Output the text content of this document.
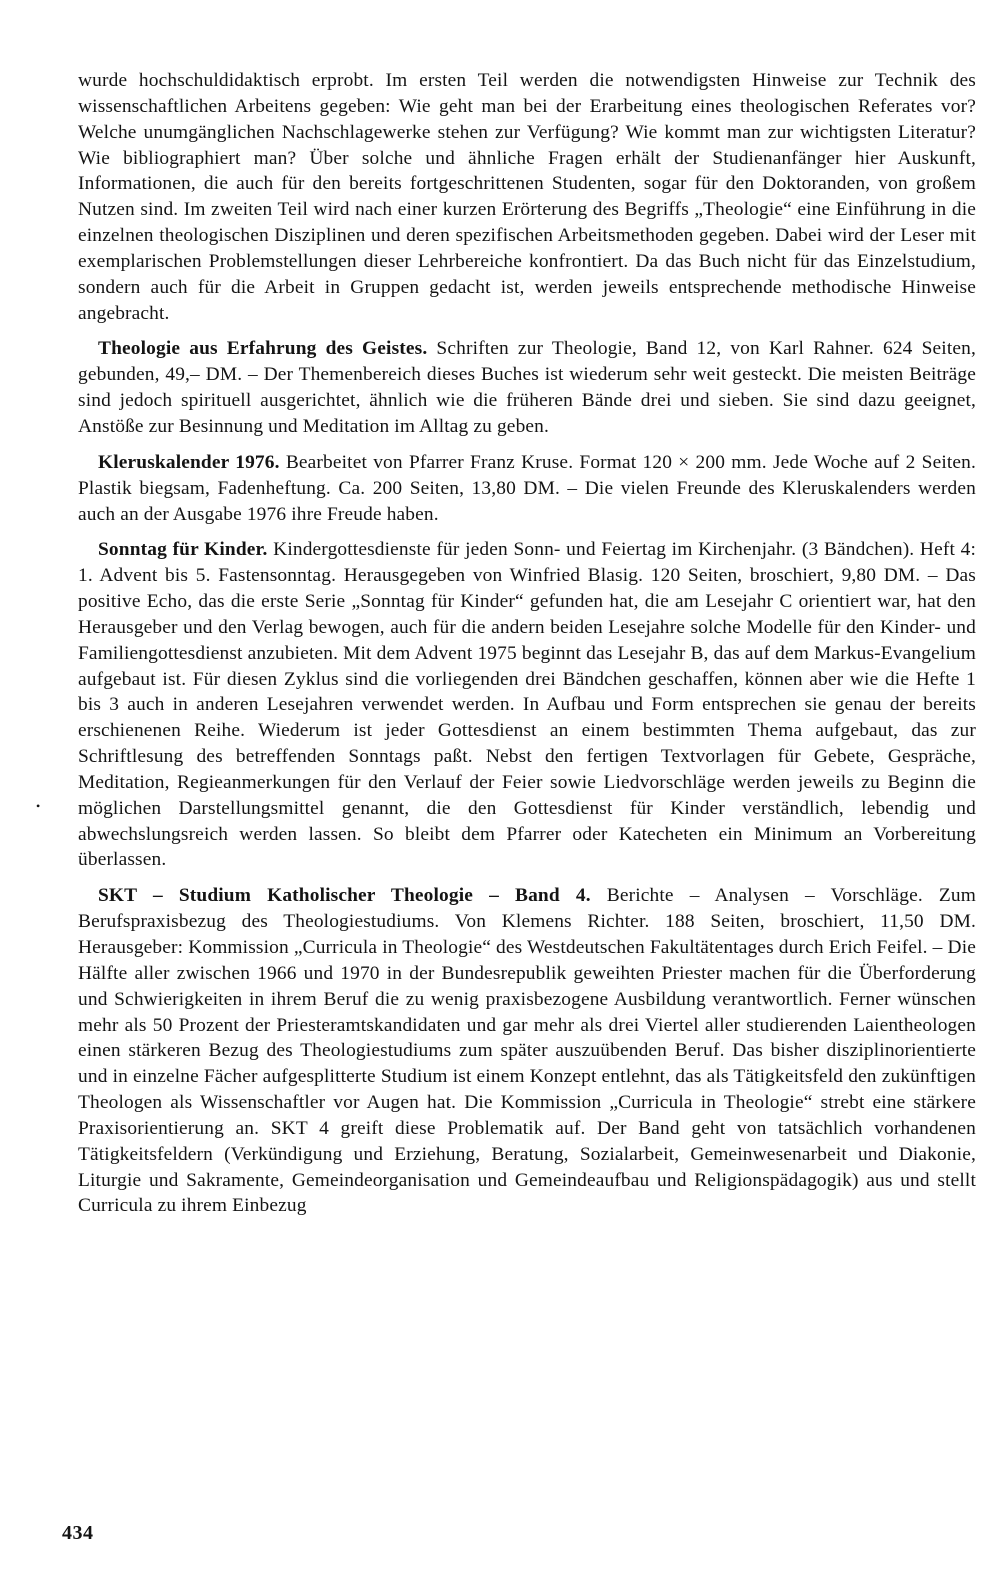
wurde hochschuldidaktisch erprobt. Im ersten Teil werden die notwendigsten Hinweise zur Technik des wissenschaftlichen Arbeitens gegeben: Wie geht man bei der Erarbeitung eines theologischen Referates vor? Welche unumgänglichen Nachschlagewerke stehen zur Verfügung? Wie kommt man zur wichtigsten Literatur? Wie bibliographiert man? Über solche und ähnliche Fragen erhält der Studienanfänger hier Auskunft, Informationen, die auch für den bereits fortgeschrittenen Studenten, sogar für den Doktoranden, von großem Nutzen sind. Im zweiten Teil wird nach einer kurzen Erörterung des Begriffs „Theologie“ eine Einführung in die einzelnen theologischen Disziplinen und deren spezifischen Arbeitsmethoden gegeben. Dabei wird der Leser mit exemplarischen Problemstellungen dieser Lehrbereiche konfrontiert. Da das Buch nicht für das Einzelstudium, sondern auch für die Arbeit in Gruppen gedacht ist, werden jeweils entsprechende methodische Hinweise angebracht.

Theologie aus Erfahrung des Geistes. Schriften zur Theologie, Band 12, von Karl Rahner. 624 Seiten, gebunden, 49,– DM. – Der Themenbereich dieses Buches ist wiederum sehr weit gesteckt. Die meisten Beiträge sind jedoch spirituell ausgerichtet, ähnlich wie die früheren Bände drei und sieben. Sie sind dazu geeignet, Anstöße zur Besinnung und Meditation im Alltag zu geben.

Kleruskalender 1976. Bearbeitet von Pfarrer Franz Kruse. Format 120 × 200 mm. Jede Woche auf 2 Seiten. Plastik biegsam, Fadenheftung. Ca. 200 Seiten, 13,80 DM. – Die vielen Freunde des Kleruskalenders werden auch an der Ausgabe 1976 ihre Freude haben.

Sonntag für Kinder. Kindergottesdienste für jeden Sonn- und Feiertag im Kirchenjahr. (3 Bändchen). Heft 4: 1. Advent bis 5. Fastensonntag. Herausgegeben von Winfried Blasig. 120 Seiten, broschiert, 9,80 DM. – Das positive Echo, das die erste Serie „Sonntag für Kinder“ gefunden hat, die am Lesejahr C orientiert war, hat den Herausgeber und den Verlag bewogen, auch für die andern beiden Lesejahre solche Modelle für den Kinder- und Familiengottesdienst anzubieten. Mit dem Advent 1975 beginnt das Lesejahr B, das auf dem Markus-Evangelium aufgebaut ist. Für diesen Zyklus sind die vorliegenden drei Bändchen geschaffen, können aber wie die Hefte 1 bis 3 auch in anderen Lesejahren verwendet werden. In Aufbau und Form entsprechen sie genau der bereits erschienenen Reihe. Wiederum ist jeder Gottesdienst an einem bestimmten Thema aufgebaut, das zur Schriftlesung des betreffenden Sonntags paßt. Nebst den fertigen Textvorlagen für Gebete, Gespräche, Meditation, Regieanmerkungen für den Verlauf der Feier sowie Liedvorschläge werden jeweils zu Beginn die möglichen Darstellungsmittel genannt, die den Gottesdienst für Kinder verständlich, lebendig und abwechslungsreich werden lassen. So bleibt dem Pfarrer oder Katecheten ein Minimum an Vorbereitung überlassen.

SKT – Studium Katholischer Theologie – Band 4. Berichte – Analysen – Vorschläge. Zum Berufspraxisbezug des Theologiestudiums. Von Klemens Richter. 188 Seiten, broschiert, 11,50 DM. Herausgeber: Kommission „Curricula in Theologie“ des Westdeutschen Fakultätentages durch Erich Feifel. – Die Hälfte aller zwischen 1966 und 1970 in der Bundesrepublik geweihten Priester machen für die Überforderung und Schwierigkeiten in ihrem Beruf die zu wenig praxisbezogene Ausbildung verantwortlich. Ferner wünschen mehr als 50 Prozent der Priesteramtskandidaten und gar mehr als drei Viertel aller studierenden Laientheologen einen stärkeren Bezug des Theologiestudiums zum später auszuübenden Beruf. Das bisher disziplinorientierte und in einzelne Fächer aufgesplitterte Studium ist einem Konzept entlehnt, das als Tätigkeitsfeld den zukünftigen Theologen als Wissenschaftler vor Augen hat. Die Kommission „Curricula in Theologie“ strebt eine stärkere Praxisorientierung an. SKT 4 greift diese Problematik auf. Der Band geht von tatsächlich vorhandenen Tätigkeitsfeldern (Verkündigung und Erziehung, Beratung, Sozialarbeit, Gemeinwesenarbeit und Diakonie, Liturgie und Sakramente, Gemeindeorganisation und Gemeindeaufbau und Religionspädagogik) aus und stellt Curricula zu ihrem Einbezug

•
434
